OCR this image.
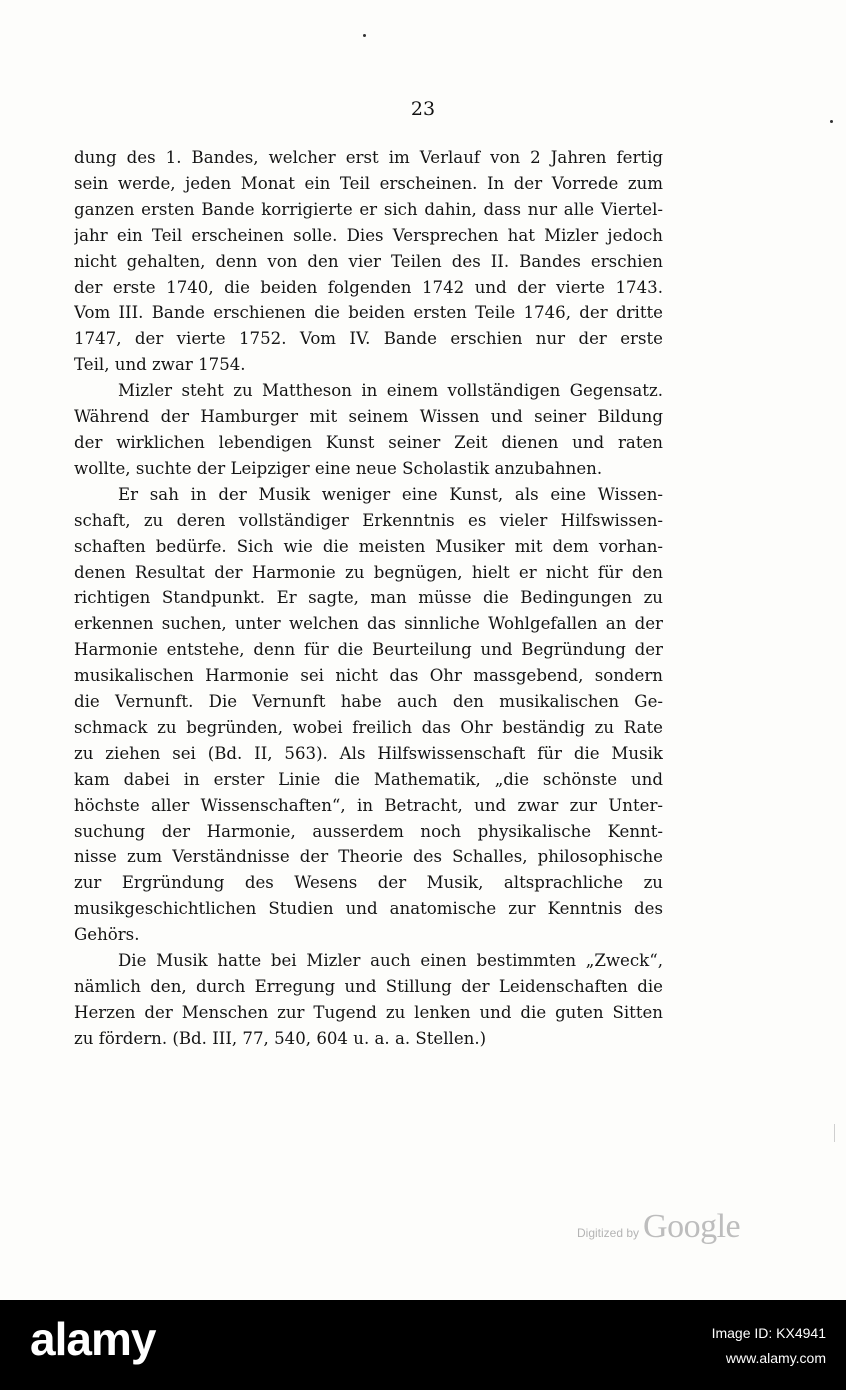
23
dung des 1. Bandes, welcher erst im Verlauf von 2 Jahren fertig
sein werde, jeden Monat ein Teil erscheinen. In der Vorrede zum
ganzen ersten Bande korrigierte er sich dahin, dass nur alle Viertel-
jahr ein Teil erscheinen solle. Dies Versprechen hat Mizler jedoch
nicht gehalten, denn von den vier Teilen des II. Bandes erschien
der erste 1740, die beiden folgenden 1742 und der vierte 1743.
Vom III. Bande erschienen die beiden ersten Teile 1746, der dritte
1747, der vierte 1752. Vom IV. Bande erschien nur der erste
Teil, und zwar 1754.
Mizler steht zu Mattheson in einem vollständigen Gegensatz.
Während der Hamburger mit seinem Wissen und seiner Bildung
der wirklichen lebendigen Kunst seiner Zeit dienen und raten
wollte, suchte der Leipziger eine neue Scholastik anzubahnen.
Er sah in der Musik weniger eine Kunst, als eine Wissen-
schaft, zu deren vollständiger Erkenntnis es vieler Hilfswissen-
schaften bedürfe. Sich wie die meisten Musiker mit dem vorhan-
denen Resultat der Harmonie zu begnügen, hielt er nicht für den
richtigen Standpunkt. Er sagte, man müsse die Bedingungen zu
erkennen suchen, unter welchen das sinnliche Wohlgefallen an der
Harmonie entstehe, denn für die Beurteilung und Begründung der
musikalischen Harmonie sei nicht das Ohr massgebend, sondern
die Vernunft. Die Vernunft habe auch den musikalischen Ge-
schmack zu begründen, wobei freilich das Ohr beständig zu Rate
zu ziehen sei (Bd. II, 563). Als Hilfswissenschaft für die Musik
kam dabei in erster Linie die Mathematik, „die schönste und
höchste aller Wissenschaften“, in Betracht, und zwar zur Unter-
suchung der Harmonie, ausserdem noch physikalische Kennt-
nisse zum Verständnisse der Theorie des Schalles, philosophische
zur Ergründung des Wesens der Musik, altsprachliche zu
musikgeschichtlichen Studien und anatomische zur Kenntnis des
Gehörs.
Die Musik hatte bei Mizler auch einen bestimmten „Zweck“,
nämlich den, durch Erregung und Stillung der Leidenschaften die
Herzen der Menschen zur Tugend zu lenken und die guten Sitten
zu fördern. (Bd. III, 77, 540, 604 u. a. a. Stellen.)
Digitized by Google
alamy	Image ID: KX4941
www.alamy.com
